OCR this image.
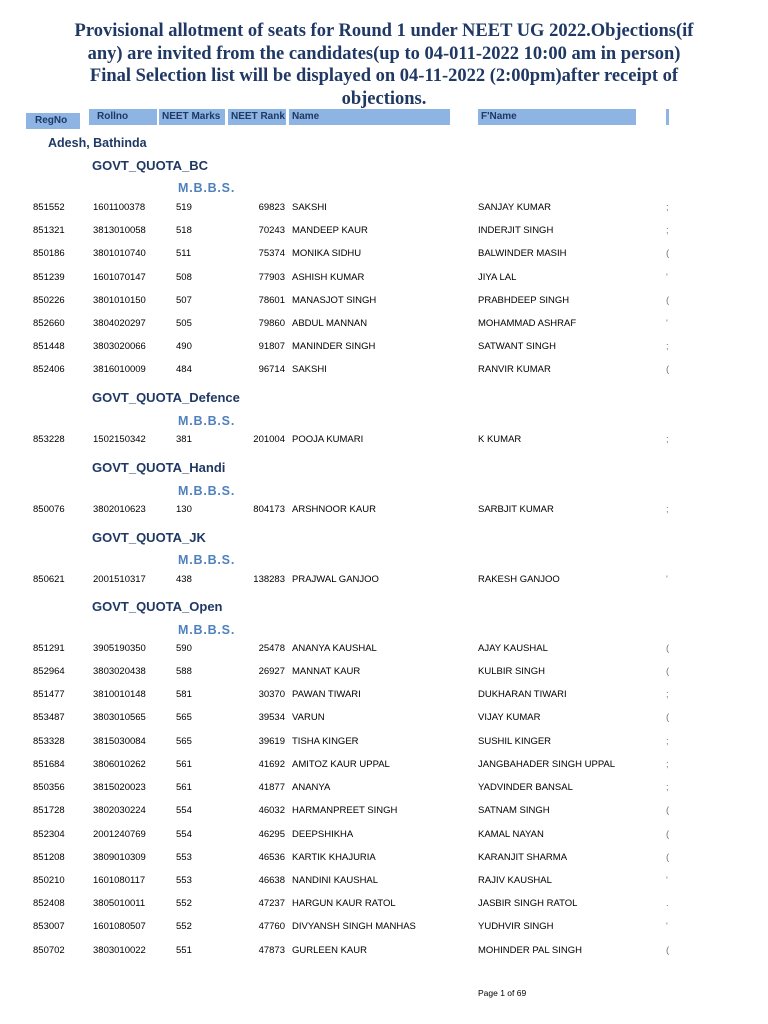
Provisional allotment of seats for Round 1 under NEET UG 2022.Objections(if
any) are invited from the candidates(up to 04-011-2022 10:00 am in person)
Final Selection list will be displayed on 04-11-2022 (2:00pm)after receipt of
objections.
RegNo	Rollno	NEET Marks	NEET Rank Name	F'Name
Adesh, Bathinda
GOVT_QUOTA_BC
M.B.B.S.
851552	1601100378	519	69823 SAKSHI	SANJAY KUMAR	;
851321	3813010058	518	70243 MANDEEP KAUR	INDERJIT SINGH	;
850186	3801010740	511	75374 MONIKA SIDHU	BALWINDER MASIH	(
851239	1601070147	508	77903 ASHISH KUMAR	JIYA LAL	'
850226	3801010150	507	78601 MANASJOT SINGH	PRABHDEEP SINGH	(
852660	3804020297	505	79860 ABDUL MANNAN	MOHAMMAD ASHRAF	'
851448	3803020066	490	91807 MANINDER SINGH	SATWANT SINGH	;
852406	3816010009	484	96714 SAKSHI	RANVIR KUMAR	(
GOVT_QUOTA_Defence
M.B.B.S.
853228	1502150342	381	201004 POOJA KUMARI	K KUMAR	;
GOVT_QUOTA_Handi
M.B.B.S.
850076	3802010623	130	804173 ARSHNOOR KAUR	SARBJIT KUMAR	;
GOVT_QUOTA_JK
M.B.B.S.
850621	2001510317	438	138283 PRAJWAL GANJOO	RAKESH GANJOO	'
GOVT_QUOTA_Open
M.B.B.S.
851291	3905190350	590	25478 ANANYA KAUSHAL	AJAY KAUSHAL	(
852964	3803020438	588	26927 MANNAT KAUR	KULBIR SINGH	(
851477	3810010148	581	30370 PAWAN TIWARI	DUKHARAN TIWARI	;
853487	3803010565	565	39534 VARUN	VIJAY KUMAR	(
853328	3815030084	565	39619 TISHA KINGER	SUSHIL KINGER	;
851684	3806010262	561	41692 AMITOZ KAUR UPPAL	JANGBAHADER SINGH UPPAL	;
850356	3815020023	561	41877 ANANYA	YADVINDER BANSAL	;
851728	3802030224	554	46032 HARMANPREET SINGH	SATNAM SINGH	(
852304	2001240769	554	46295 DEEPSHIKHA	KAMAL NAYAN	(
851208	3809010309	553	46536 KARTIK KHAJURIA	KARANJIT SHARMA	(
850210	1601080117	553	46638 NANDINI KAUSHAL	RAJIV KAUSHAL	'
852408	3805010011	552	47237 HARGUN KAUR RATOL	JASBIR SINGH RATOL	.
853007	1601080507	552	47760 DIVYANSH SINGH MANHAS	YUDHVIR SINGH	'
850702	3803010022	551	47873 GURLEEN KAUR	MOHINDER PAL SINGH	(
Page 1 of 69
